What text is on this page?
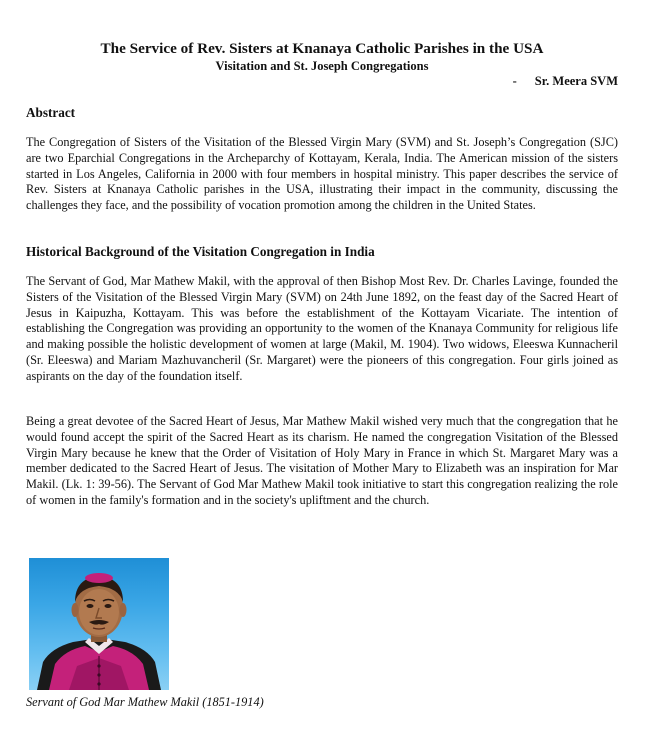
The Service of Rev. Sisters at Knanaya Catholic Parishes in the USA
Visitation and St. Joseph Congregations
- Sr. Meera SVM
Abstract

The Congregation of Sisters of the Visitation of the Blessed Virgin Mary (SVM) and St. Joseph’s Congregation (SJC) are two Eparchial Congregations in the Archeparchy of Kottayam, Kerala, India. The American mission of the sisters started in Los Angeles, California in 2000 with four members in hospital ministry. This paper describes the service of Rev. Sisters at Knanaya Catholic parishes in the USA, illustrating their impact in the community, discussing the challenges they face, and the possibility of vocation promotion among the children in the United States.

Historical Background of the Visitation Congregation in India

The Servant of God, Mar Mathew Makil, with the approval of then Bishop Most Rev. Dr. Charles Lavinge, founded the Sisters of the Visitation of the Blessed Virgin Mary (SVM) on 24th June 1892, on the feast day of the Sacred Heart of Jesus in Kaipuzha, Kottayam. This was before the establishment of the Kottayam Vicariate. The intention of establishing the Congregation was providing an opportunity to the women of the Knanaya Community for religious life and making possible the holistic development of women at large (Makil, M. 1904). Two widows, Eleeswa Kunnacheril (Sr. Eleeswa) and Mariam Mazhuvancheril (Sr. Margaret) were the pioneers of this congregation. Four girls joined as aspirants on the day of the foundation itself.

Being a great devotee of the Sacred Heart of Jesus, Mar Mathew Makil wished very much that the congregation that he would found accept the spirit of the Sacred Heart as its charism. He named the congregation Visitation of the Blessed Virgin Mary because he knew that the Order of Visitation of Holy Mary in France in which St. Margaret Mary was a member dedicated to the Sacred Heart of Jesus. The visitation of Mother Mary to Elizabeth was an inspiration for Mar Makil. (Lk. 1: 39-56). The Servant of God Mar Mathew Makil took initiative to start this congregation realizing the role of women in the family's formation and in the society's upliftment and the church.

Servant of God Mar Mathew Makil (1851-1914)
